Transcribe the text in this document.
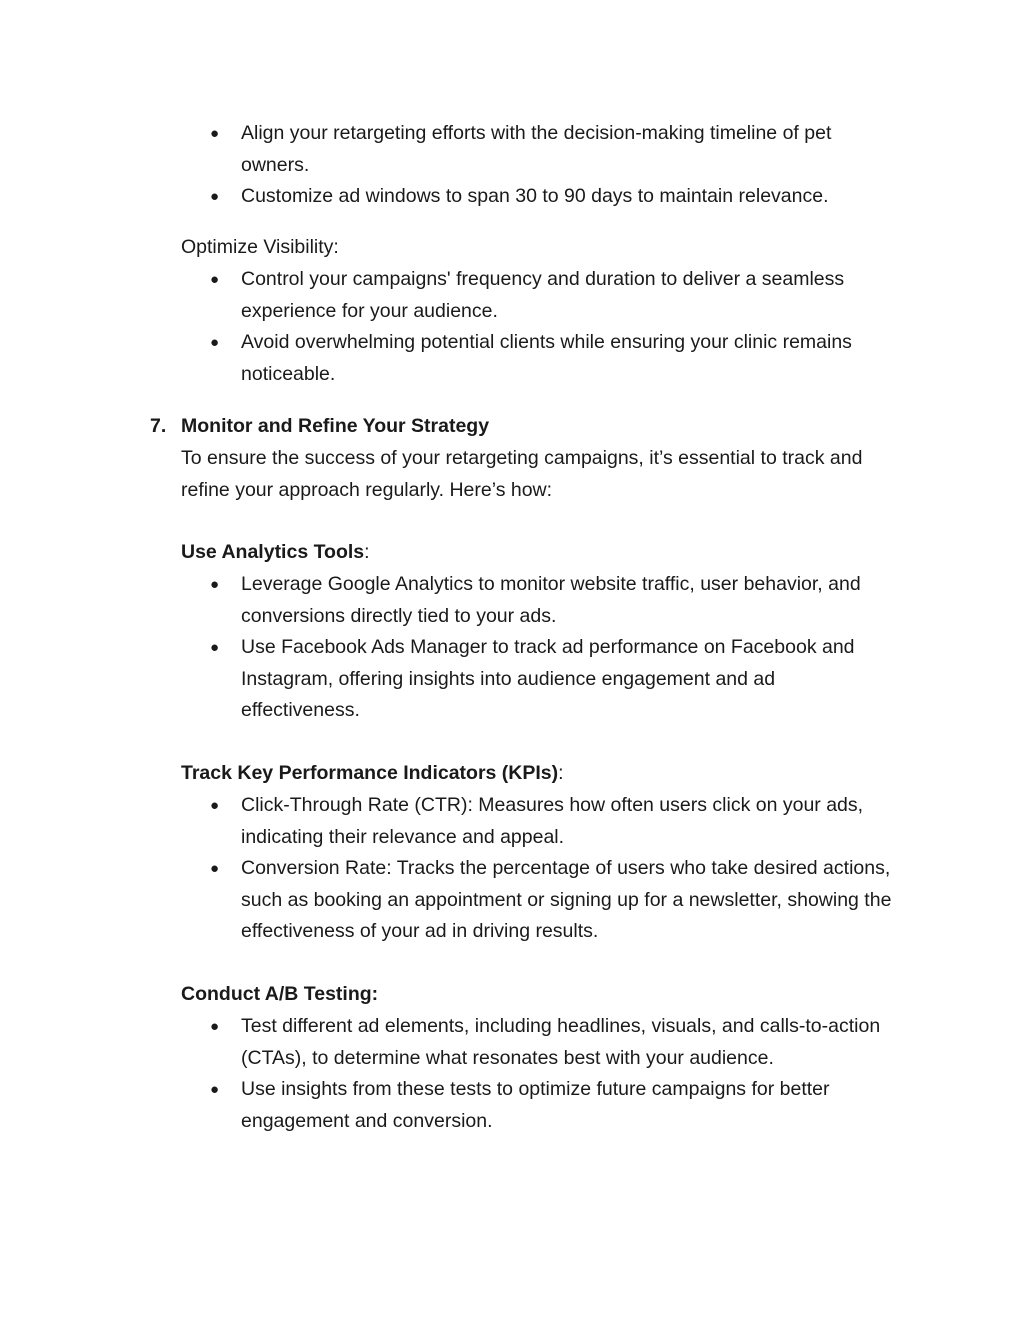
● Align your retargeting efforts with the decision-making timeline of pet owners.
● Customize ad windows to span 30 to 90 days to maintain relevance.

Optimize Visibility:

● Control your campaigns' frequency and duration to deliver a seamless experience for your audience.
● Avoid overwhelming potential clients while ensuring your clinic remains noticeable.
7. Monitor and Refine Your Strategy

To ensure the success of your retargeting campaigns, it’s essential to track and refine your approach regularly. Here’s how:

Use Analytics Tools:

● Leverage Google Analytics to monitor website traffic, user behavior, and conversions directly tied to your ads.
● Use Facebook Ads Manager to track ad performance on Facebook and Instagram, offering insights into audience engagement and ad effectiveness.

Track Key Performance Indicators (KPIs):

● Click-Through Rate (CTR): Measures how often users click on your ads, indicating their relevance and appeal.
● Conversion Rate: Tracks the percentage of users who take desired actions, such as booking an appointment or signing up for a newsletter, showing the effectiveness of your ad in driving results.

Conduct A/B Testing:

● Test different ad elements, including headlines, visuals, and calls-to-action (CTAs), to determine what resonates best with your audience.
● Use insights from these tests to optimize future campaigns for better engagement and conversion.
